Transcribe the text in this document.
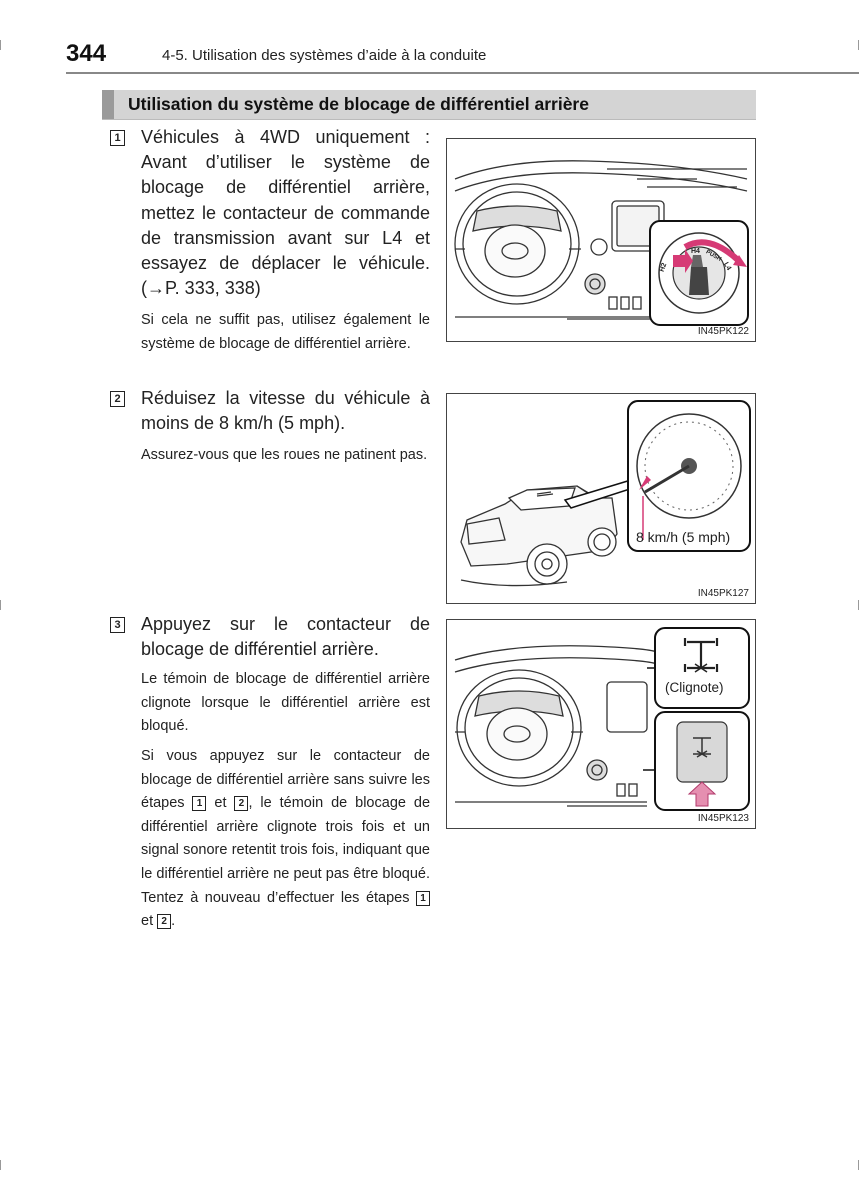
344	4-5. Utilisation des systèmes d’aide à la conduite
Utilisation du système de blocage de différentiel arrière
1 Véhicules à 4WD uniquement : Avant d’utiliser le système de blocage de différentiel arrière, mettez le contacteur de commande de transmission avant sur L4 et essayez de déplacer le véhicule. (→P. 333, 338)
Si cela ne suffit pas, utilisez également le système de blocage de différentiel arrière.
2 Réduisez la vitesse du véhicule à moins de 8 km/h (5 mph).
Assurez-vous que les roues ne patinent pas.
3 Appuyez sur le contacteur de blocage de différentiel arrière.
Le témoin de blocage de différentiel arrière clignote lorsque le différentiel arrière est bloqué.
Si vous appuyez sur le contacteur de blocage de différentiel arrière sans suivre les étapes 1 et 2 , le témoin de blocage de différentiel arrière clignote trois fois et un signal sonore retentit trois fois, indiquant que le différentiel arrière ne peut pas être bloqué. Tentez à nouveau d’effectuer les étapes 1 et 2 .
H2
H4 PUSH
L4
IN45PK122
8 km/h (5 mph)
IN45PK127
(Clignote)
IN45PK123
